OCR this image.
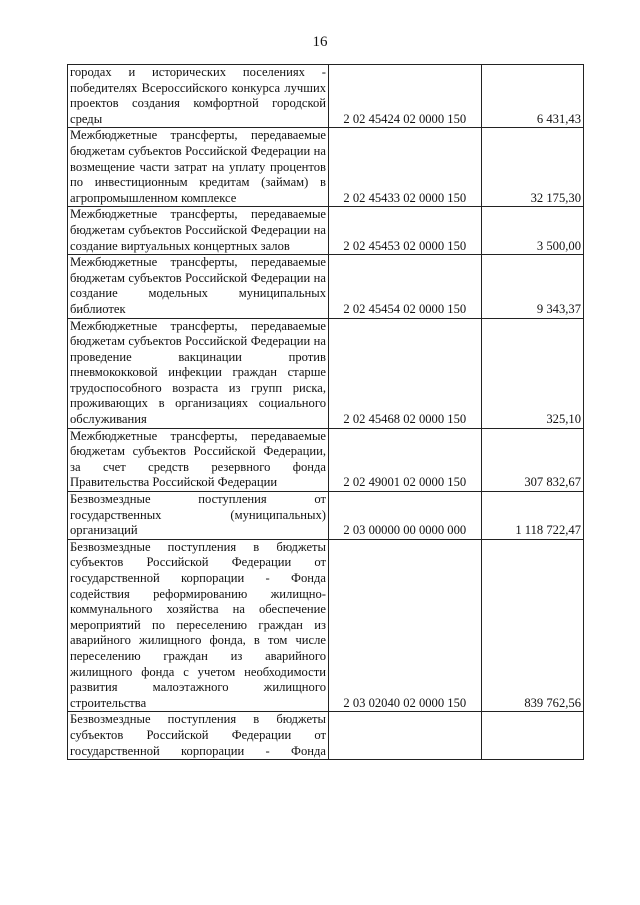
16
городах и исторических поселениях - победителях Всероссийского конкурса лучших проектов создания комфортной городской среды	2 02 45424 02 0000 150	6 431,43

Межбюджетные трансферты, передаваемые бюджетам субъектов Российской Федерации на возмещение части затрат на уплату процентов по инвестиционным кредитам (займам) в агропромышленном комплексе	2 02 45433 02 0000 150	32 175,30

Межбюджетные трансферты, передаваемые бюджетам субъектов Российской Федерации на создание виртуальных концертных залов	2 02 45453 02 0000 150	3 500,00

Межбюджетные трансферты, передаваемые бюджетам субъектов Российской Федерации на создание модельных муниципальных библиотек	2 02 45454 02 0000 150	9 343,37

Межбюджетные трансферты, передаваемые бюджетам субъектов Российской Федерации на проведение вакцинации против пневмококковой инфекции граждан старше трудоспособного возраста из групп риска, проживающих в организациях социального обслуживания	2 02 45468 02 0000 150	325,10

Межбюджетные трансферты, передаваемые бюджетам субъектов Российской Федерации, за счет средств резервного фонда Правительства Российской Федерации	2 02 49001 02 0000 150	307 832,67

Безвозмездные поступления от государственных (муниципальных) организаций	2 03 00000 00 0000 000	1 118 722,47

Безвозмездные поступления в бюджеты субъектов Российской Федерации от государственной корпорации - Фонда содействия реформированию жилищно-коммунального хозяйства на обеспечение мероприятий по переселению граждан из аварийного жилищного фонда, в том числе переселению граждан из аварийного жилищного фонда с учетом необходимости развития малоэтажного жилищного строительства	2 03 02040 02 0000 150	839 762,56

Безвозмездные поступления в бюджеты субъектов Российской Федерации от государственной корпорации - Фонда		
